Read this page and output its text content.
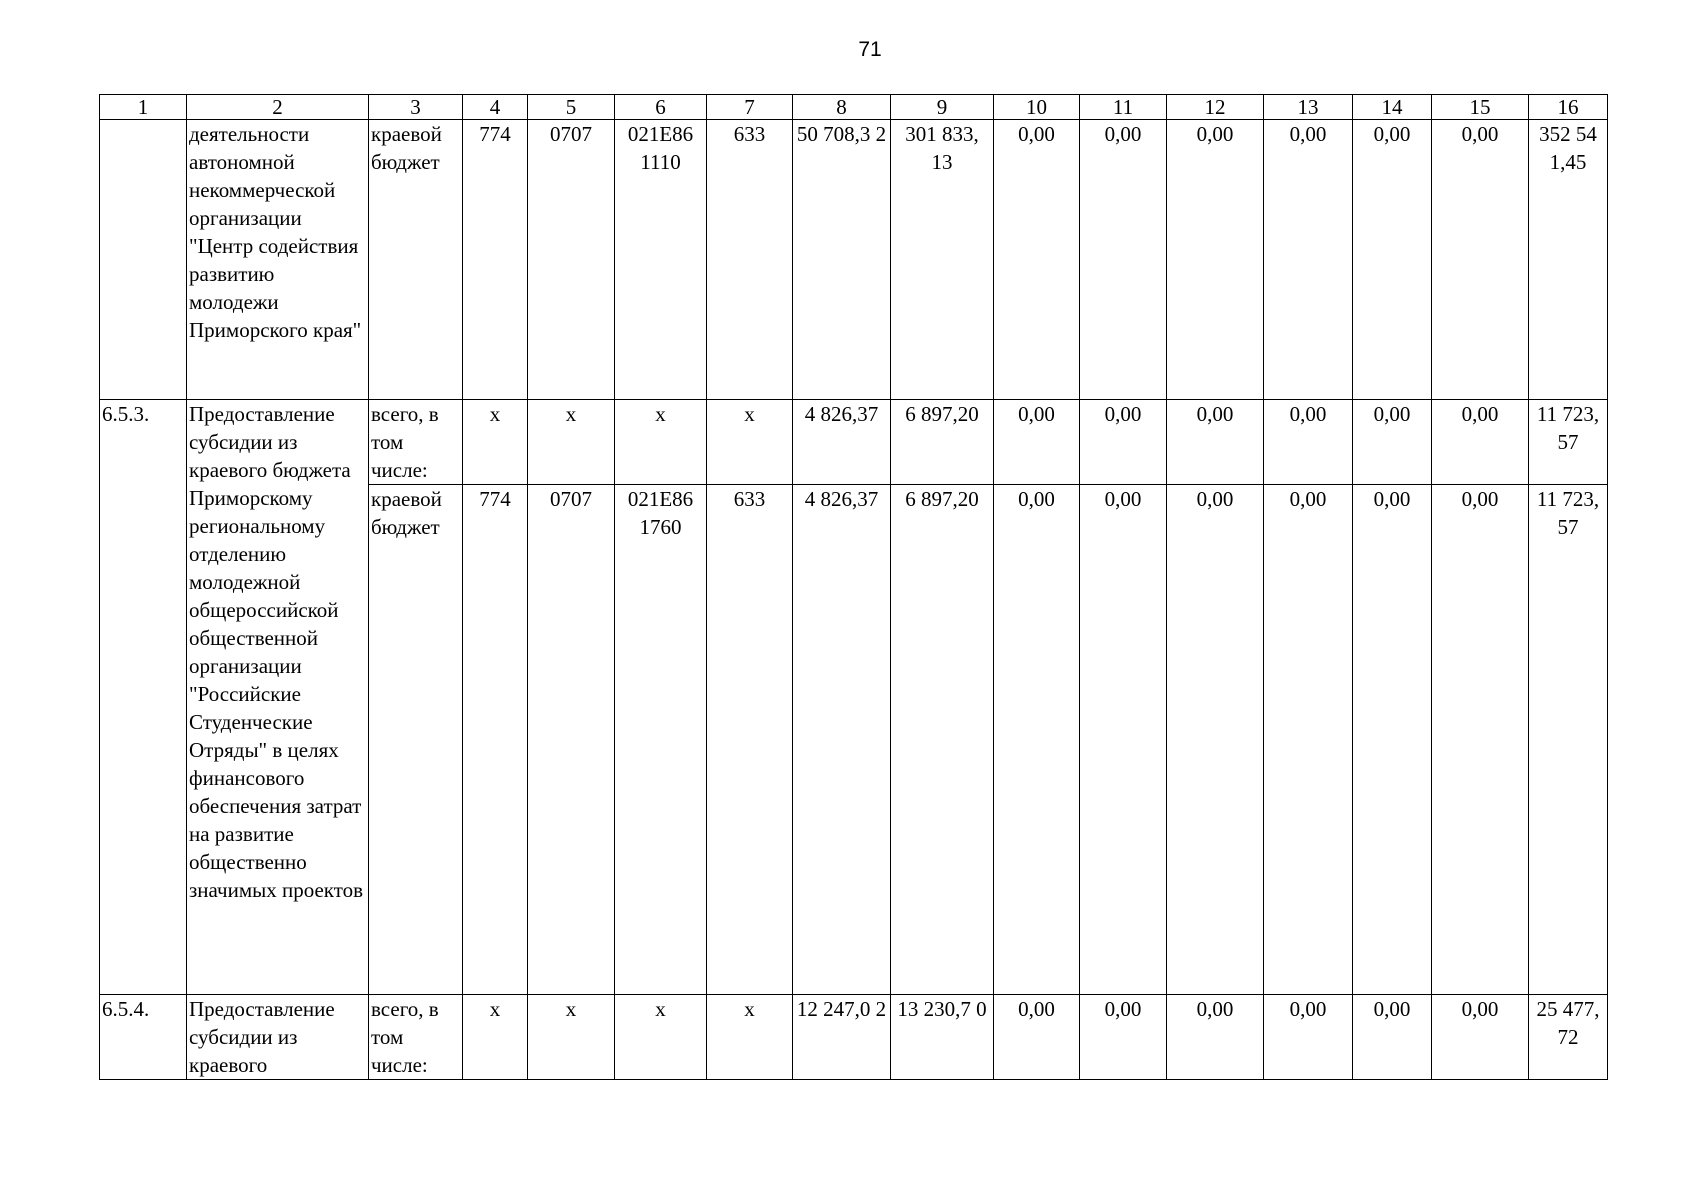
71
1	2	3	4	5	6	7	8	9	10	11	12	13	14	15	16
	деятельности автономной некоммерческой организации "Центр содействия развитию молодежи Приморского края"	краевой бюджет	774	0707	021E86 1110	633	50 708,3 2	301 833, 13	0,00	0,00	0,00	0,00	0,00	0,00	352 54 1,45
6.5.3.	Предоставление субсидии из краевого бюджета Приморскому региональному отделению молодежной общероссийской общественной организации "Российские Студенческие Отряды" в целях финансового обеспечения затрат на развитие общественно значимых проектов	всего, в том числе:	x	x	x	x	4 826,37	6 897,20	0,00	0,00	0,00	0,00	0,00	0,00	11 723, 57
		краевой бюджет	774	0707	021E86 1760	633	4 826,37	6 897,20	0,00	0,00	0,00	0,00	0,00	0,00	11 723, 57
6.5.4.	Предоставление субсидии из краевого	всего, в том числе:	x	x	x	x	12 247,0 2	13 230,7 0	0,00	0,00	0,00	0,00	0,00	0,00	25 477, 72
